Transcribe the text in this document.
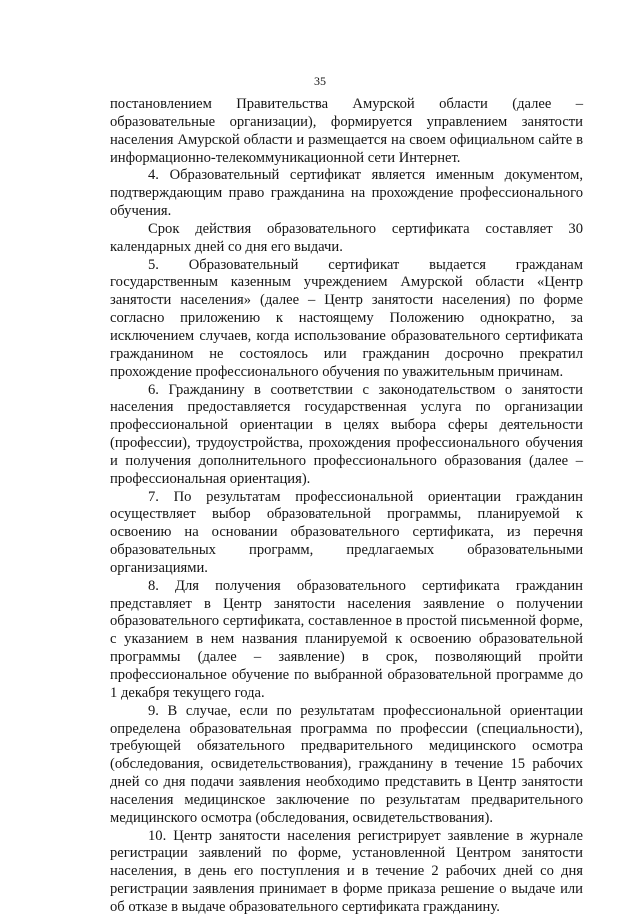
35

постановлением Правительства Амурской области (далее – образовательные организации), формируется управлением занятости населения Амурской области и размещается на своем официальном сайте в информационно-телекоммуникационной сети Интернет.

4. Образовательный сертификат является именным документом, подтверждающим право гражданина на прохождение профессионального обучения.

Срок действия образовательного сертификата составляет 30 календарных дней со дня его выдачи.

5. Образовательный сертификат выдается гражданам государственным казенным учреждением Амурской области «Центр занятости населения» (далее – Центр занятости населения) по форме согласно приложению к настоящему Положению однократно, за исключением случаев, когда использование образовательного сертификата гражданином не состоялось или гражданин досрочно прекратил прохождение профессионального обучения по уважительным причинам.

6. Гражданину в соответствии с законодательством о занятости населения предоставляется государственная услуга по организации профессиональной ориентации в целях выбора сферы деятельности (профессии), трудоустройства, прохождения профессионального обучения и получения дополнительного профессионального образования (далее – профессиональная ориентация).

7. По результатам профессиональной ориентации гражданин осуществляет выбор образовательной программы, планируемой к освоению на основании образовательного сертификата, из перечня образовательных программ, предлагаемых образовательными организациями.

8. Для получения образовательного сертификата гражданин представляет в Центр занятости населения заявление о получении образовательного сертификата, составленное в простой письменной форме, с указанием в нем названия планируемой к освоению образовательной программы (далее – заявление) в срок, позволяющий пройти профессиональное обучение по выбранной образовательной программе до 1 декабря текущего года.

9. В случае, если по результатам профессиональной ориентации определена образовательная программа по профессии (специальности), требующей обязательного предварительного медицинского осмотра (обследования, освидетельствования), гражданину в течение 15 рабочих дней со дня подачи заявления необходимо представить в Центр занятости населения медицинское заключение по результатам предварительного медицинского осмотра (обследования, освидетельствования).

10. Центр занятости населения регистрирует заявление в журнале регистрации заявлений по форме, установленной Центром занятости населения, в день его поступления и в течение 2 рабочих дней со дня регистрации заявления принимает в форме приказа решение о выдаче или об отказе в выдаче образовательного сертификата гражданину.
